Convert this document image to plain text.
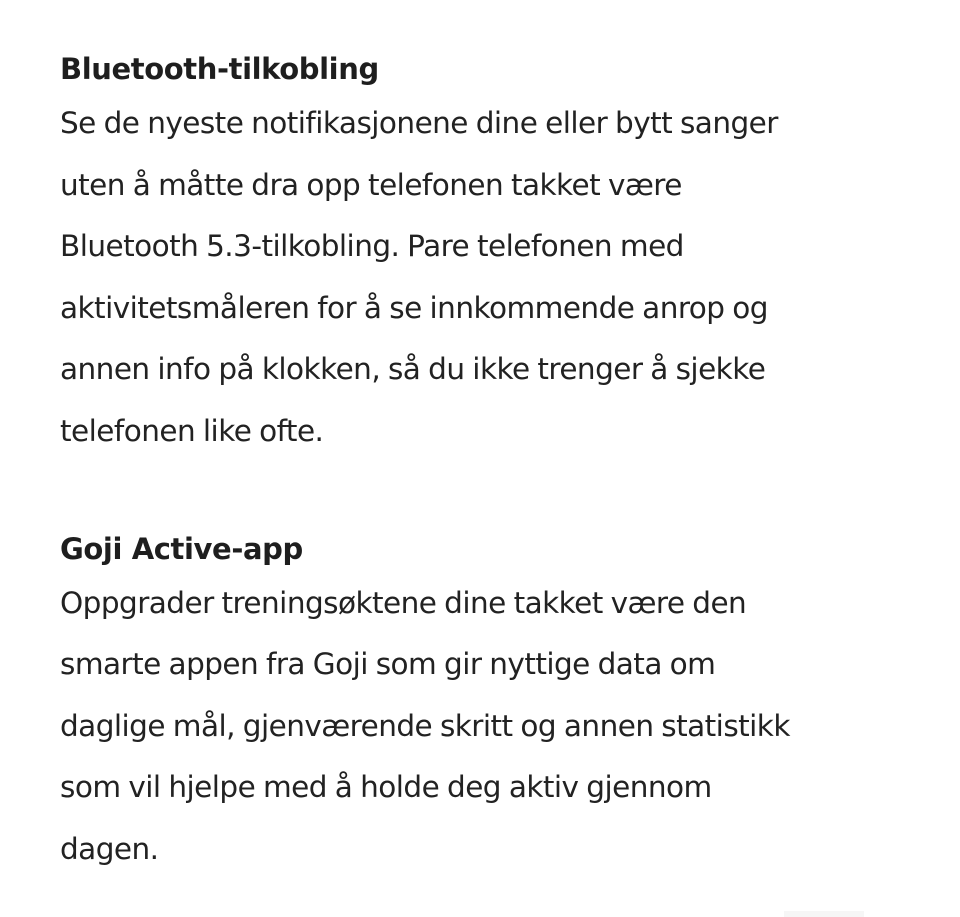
Bluetooth-tilkobling

Se de nyeste notifikasjonene dine eller bytt sanger
uten å måtte dra opp telefonen takket være
Bluetooth 5.3-tilkobling. Pare telefonen med
aktivitetsmåleren for å se innkommende anrop og
annen info på klokken, så du ikke trenger å sjekke
telefonen like ofte.

Goji Active-app

Oppgrader treningsøktene dine takket være den
smarte appen fra Goji som gir nyttige data om
daglige mål, gjenværende skritt og annen statistikk
som vil hjelpe med å holde deg aktiv gjennom
dagen.
